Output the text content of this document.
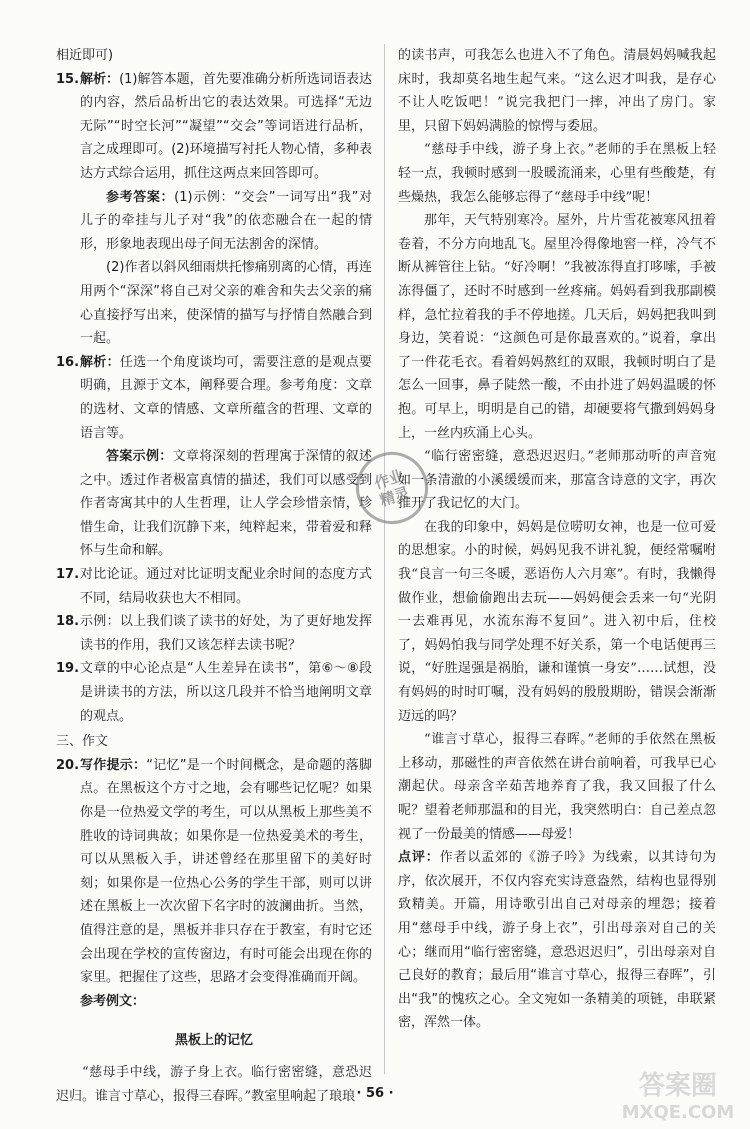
相近即可)

15. 解析：(1)解答本题，首先要准确分析所选词语表达的内容，然后品析出它的表达效果。可选择“无边无际”“时空长河”“凝望”“交会”等词语进行品析，言之成理即可。(2)环境描写衬托人物心情，多种表达方式综合运用，抓住这两点来回答即可。

参考答案：(1)示例：“交会”一词写出“我”对儿子的牵挂与儿子对“我”的依恋融合在一起的情形，形象地表现出母子间无法割舍的深情。

(2)作者以斜风细雨烘托惨痛别离的心情，再连用两个“深深”将自己对父亲的难舍和失去父亲的痛心直接抒写出来，使深情的描写与抒情自然融合到一起。

16. 解析：任选一个角度谈均可，需要注意的是观点要明确，且源于文本，阐释要合理。参考角度：文章的选材、文章的情感、文章所蕴含的哲理、文章的语言等。

答案示例：文章将深刻的哲理寓于深情的叙述之中。透过作者极富真情的描述，我们可以感受到作者寄寓其中的人生哲理，让人学会珍惜亲情，珍惜生命，让我们沉静下来，纯粹起来，带着爱和释怀与生命和解。

17. 对比论证。通过对比证明支配业余时间的态度方式不同，结局收获也大不相同。

18. 示例：以上我们谈了读书的好处，为了更好地发挥读书的作用，我们又该怎样去读书呢？

19. 文章的中心论点是“人生差异在读书”，第⑥～⑧段是讲读书的方法，所以这几段并不恰当地阐明文章的观点。

三、作文

20. 写作提示：“记忆”是一个时间概念，是命题的落脚点。在黑板这个方寸之地，会有哪些记忆呢？如果你是一位热爱文学的考生，可以从黑板上那些美不胜收的诗词典故；如果你是一位热爱美术的考生，可以从黑板入手，讲述曾经在那里留下的美好时刻；如果你是一位热心公务的学生干部，则可以讲述在黑板上一次次留下名字时的波澜曲折。当然，值得注意的是，黑板并非只存在于教室，有时它还会出现在学校的宣传窗边，有时可能会出现在你的家里。把握住了这些，思路才会变得准确而开阔。

参考例文：

黑板上的记忆

“慈母手中线，游子身上衣。临行密密缝，意恐迟迟归。谁言寸草心，报得三春晖。”教室里响起了琅琅

的读书声，可我怎么也进入不了角色。清晨妈妈喊我起床时，我却莫名地生起气来。“这么迟才叫我，是存心不让人吃饭吧！”说完我把门一摔，冲出了房门。家里，只留下妈妈满脸的惊愕与委屈。

“慈母手中线，游子身上衣。”老师的手在黑板上轻轻一点，我顿时感到一股暖流涌来，心里有些酸楚，有些燥热，我怎么能够忘得了“慈母手中线”呢！

那年，天气特别寒冷。屋外，片片雪花被寒风扭着卷着，不分方向地乱飞。屋里冷得像地窖一样，冷气不断从裤管往上钻。“好冷啊！”我被冻得直打哆嗦，手被冻得僵了，还时不时感到一丝疼痛。妈妈看到我那副模样，急忙拉着我的手不停地搓。几天后，妈妈把我叫到身边，笑着说：“这颜色可是你最喜欢的。”说着，拿出了一件花毛衣。看着妈妈熬红的双眼，我顿时明白了是怎么一回事，鼻子陡然一酸，不由扑进了妈妈温暖的怀抱。可早上，明明是自己的错，却硬要将气撒到妈妈身上，一丝内疚涌上心头。

“临行密密缝，意恐迟迟归。”老师那动听的声音宛如一条清澈的小溪缓缓而来，那富含诗意的文字，再次推开了我记忆的大门。

在我的印象中，妈妈是位唠叨女神，也是一位可爱的思想家。小的时候，妈妈见我不讲礼貌，便经常嘱咐我“良言一句三冬暖，恶语伤人六月寒”。有时，我懒得做作业，想偷偷跑出去玩——妈妈便会丢来一句“光阴一去难再见，水流东海不复回”。进入初中后，住校了，妈妈怕我与同学处理不好关系，第一个电话便再三说，“好胜逞强是祸胎，谦和谨慎一身安”……试想，没有妈妈的时时叮嘱，没有妈妈的殷殷期盼，错误会渐渐迈远的吗？

“谁言寸草心，报得三春晖。”老师的手依然在黑板上移动，那磁性的声音依然在讲台前响着，可我早已心潮起伏。母亲含辛茹苦地养育了我，我又回报了什么呢？望着老师那温和的目光，我突然明白：自己差点忽视了一份最美的情感——母爱！

点评：作者以孟郊的《游子吟》为线索，以其诗句为序，依次展开，不仅内容充实诗意盎然，结构也显得别致精美。开篇，用诗歌引出自己对母亲的埋怨；接着用“慈母手中线，游子身上衣”，引出母亲对自己的关心；继而用“临行密密缝，意恐迟迟归”，引出母亲对自己良好的教育；最后用“谁言寸草心，报得三春晖”，引出“我”的愧疚之心。全文宛如一条精美的项链，串联紧密，浑然一体。

作业
精灵
答案圈
MXQE.COM
· 56 ·
